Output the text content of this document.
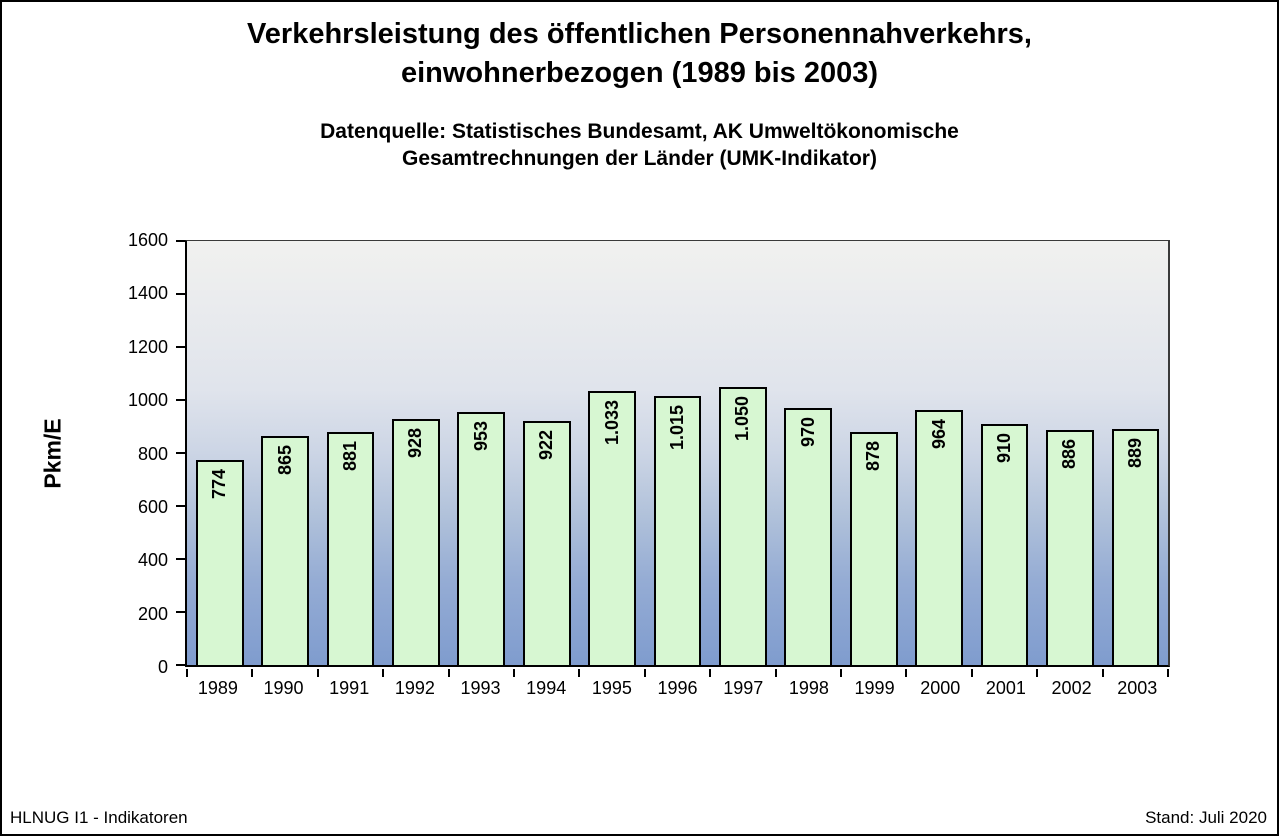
Verkehrsleistung des öffentlichen Personennahverkehrs,
einwohnerbezogen (1989 bis 2003)
Datenquelle: Statistisches Bundesamt, AK Umweltökonomische
Gesamtrechnungen der Länder (UMK-Indikator)
Pkm/E
0
200
400
600
800
1000
1200
1400
1600
774
865	881	928	953	922	1.033	1.015	1.050	970
878
964	910	886	889
1989	1990	1991	1992	1993	1994	1995	1996	1997	1998	1999	2000	2001	2002	2003
HLNUG I1 - Indikatoren	Stand: Juli 2020
